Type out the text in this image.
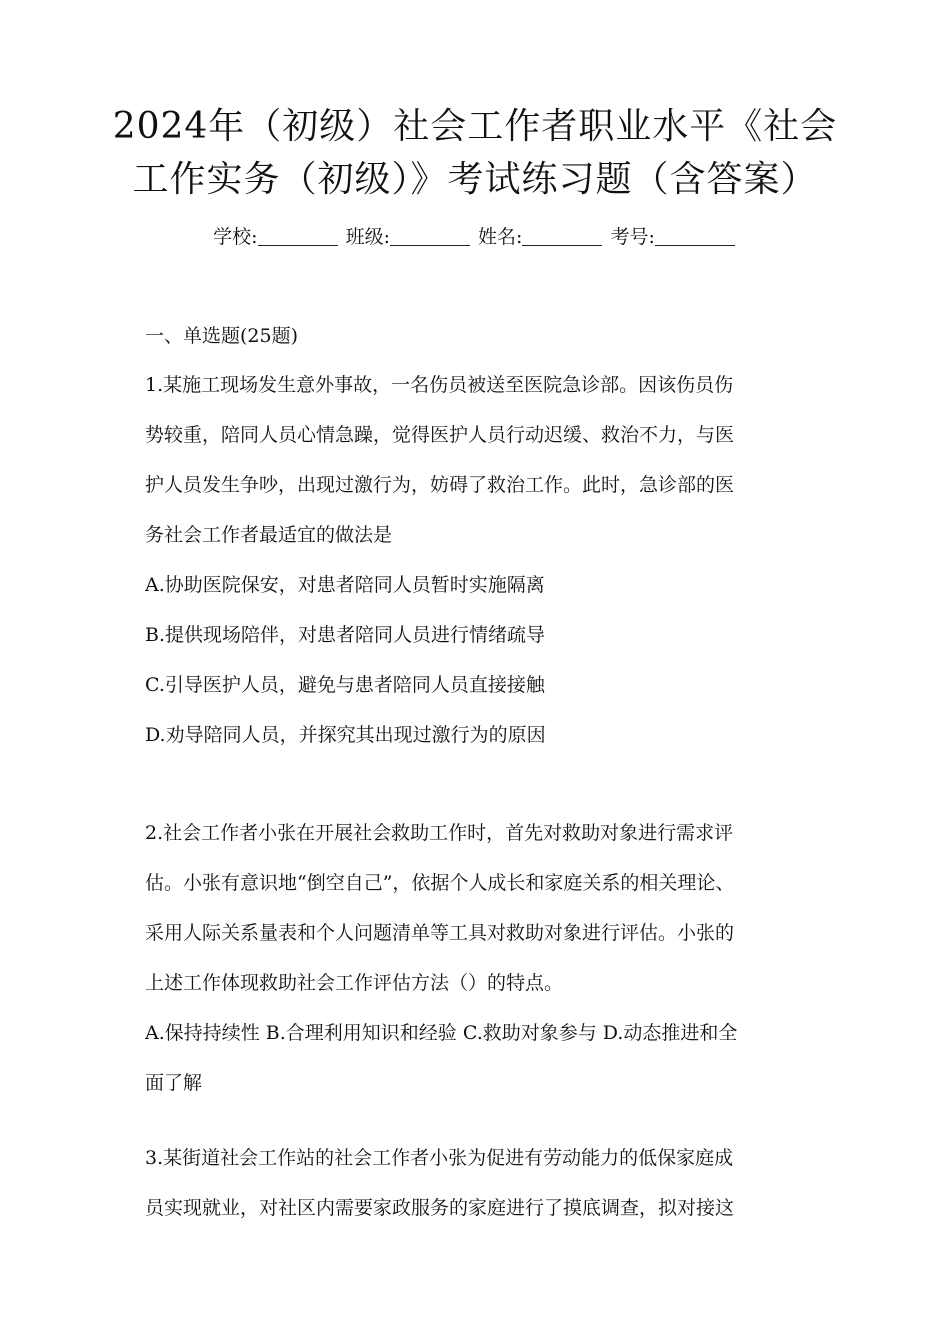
2024年（初级）社会工作者职业水平《社会
工作实务（初级）》考试练习题（含答案）
学校:	班级:	姓名:	考号:
一、单选题(25题)
1.某施工现场发生意外事故，一名伤员被送至医院急诊部。因该伤员伤
势较重，陪同人员心情急躁，觉得医护人员行动迟缓、救治不力，与医
护人员发生争吵，出现过激行为，妨碍了救治工作。此时，急诊部的医
务社会工作者最适宜的做法是
A.协助医院保安，对患者陪同人员暂时实施隔离
B.提供现场陪伴，对患者陪同人员进行情绪疏导
C.引导医护人员，避免与患者陪同人员直接接触
D.劝导陪同人员，并探究其出现过激行为的原因
2.社会工作者小张在开展社会救助工作时，首先对救助对象进行需求评
估。小张有意识地“倒空自己”，依据个人成长和家庭关系的相关理论、
采用人际关系量表和个人问题清单等工具对救助对象进行评估。小张的
上述工作体现救助社会工作评估方法（）的特点。
A.保持持续性 B.合理利用知识和经验 C.救助对象参与 D.动态推进和全
面了解
3.某街道社会工作站的社会工作者小张为促进有劳动能力的低保家庭成
员实现就业，对社区内需要家政服务的家庭进行了摸底调查，拟对接这
